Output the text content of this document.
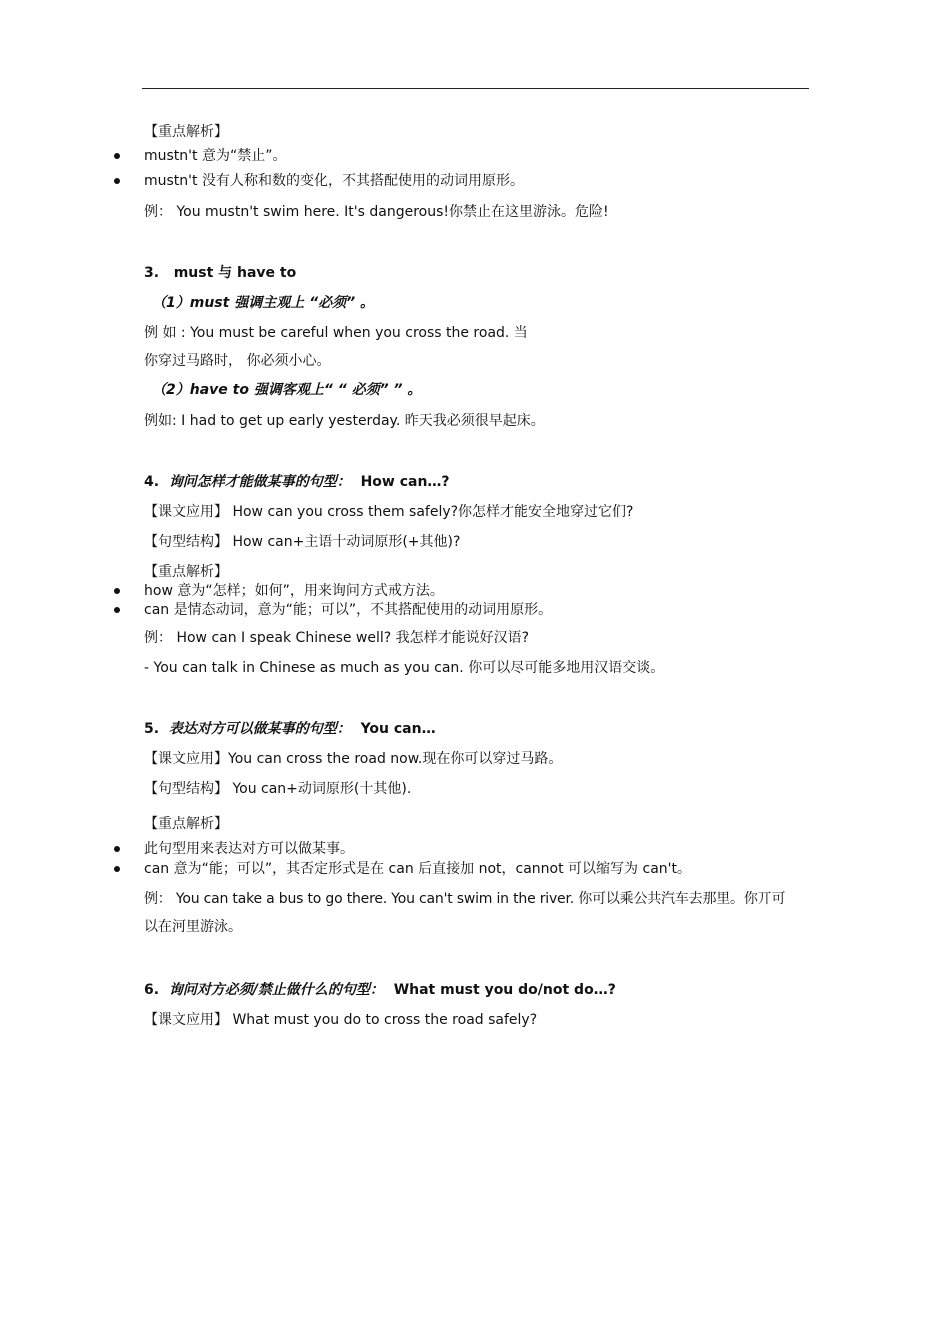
【重点解析】
mustn't 意为“禁止”。
mustn't 没有人称和数的变化，不其搭配使用的动词用原形。
例： You mustn't swim here. It's dangerous!你禁止在这里游泳。危险!
3. must 与 have to
（1）must 强调主观上 “必须” 。
例 如 : You must be careful when you cross the road. 当
你穿过马路时， 你必须小心。
（2）have to 强调客观上“ “ 必须” ” 。
例如: I had to get up early yesterday. 昨天我必须很早起床。
4. 询问怎样才能做某事的句型： How can…?
【课文应用】 How can you cross them safely?你怎样才能安全地穿过它们?
【句型结构】 How can+主语十动词原形(+其他)?
【重点解析】
how 意为“怎样；如何”，用来询问方式戒方法。
can 是情态动词，意为“能；可以”，不其搭配使用的动词用原形。
例： How can I speak Chinese well? 我怎样才能说好汉语?
- You can talk in Chinese as much as you can. 你可以尽可能多地用汉语交谈。
5. 表达对方可以做某事的句型： You can…
【课文应用】You can cross the road now.现在你可以穿过马路。
【句型结构】 You can+动词原形(十其他).
【重点解析】
此句型用来表达对方可以做某事。
can 意为“能；可以”，其否定形式是在 can 后直接加 not，cannot 可以缩写为 can't。
例： You can take a bus to go there. You can't swim in the river. 你可以乘公共汽车去那里。你丌可
以在河里游泳。
6. 询问对方必须/禁止做什么的句型： What must you do/not do…?
【课文应用】 What must you do to cross the road safely?
